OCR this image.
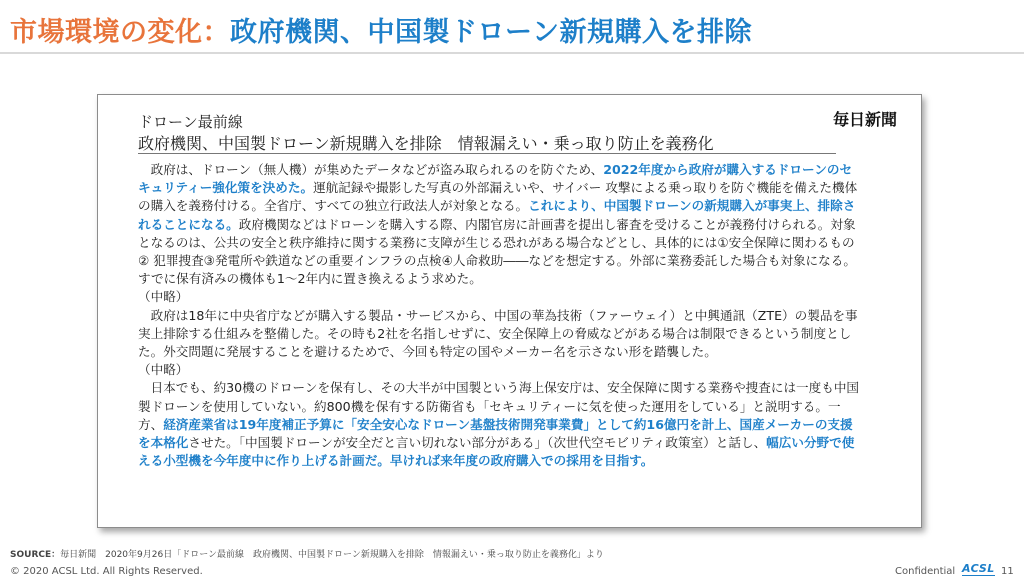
市場環境の変化：政府機関、中国製ドローン新規購入を排除
ドローン最前線
政府機関、中国製ドローン新規購入を排除　情報漏えい・乗っ取り防止を義務化
毎日新聞

政府は、ドローン（無人機）が集めたデータなどが盗み取られるのを防ぐため、2022年度から政府が購入するドローンのセキュリティー強化策を決めた。運航記録や撮影した写真の外部漏えいや、サイバー 攻撃による乗っ取りを防ぐ機能を備えた機体の購入を義務付ける。全省庁、すべての独立行政法人が対象となる。これにより、中国製ドローンの新規購入が事実上、排除されることになる。政府機関などはドローンを購入する際、内閣官房に計画書を提出し審査を受けることが義務付けられる。対象となるのは、公共の安全と秩序維持に関する業務に支障が生じる恐れがある場合などとし、具体的には①安全保障に関わるもの② 犯罪捜査③発電所や鉄道などの重要インフラの点検④人命救助――などを想定する。外部に業務委託した場合も対象になる。すでに保有済みの機体も1～2年内に置き換えるよう求めた。

（中略）

政府は18年に中央省庁などが購入する製品・サービスから、中国の華為技術（ファーウェイ）と中興通訊（ZTE）の製品を事実上排除する仕組みを整備した。その時も2社を名指しせずに、安全保障上の脅威などがある場合は制限できるという制度とした。外交問題に発展することを避けるためで、今回も特定の国やメーカー名を示さない形を踏襲した。

（中略）

日本でも、約30機のドローンを保有し、その大半が中国製という海上保安庁は、安全保障に関する業務や捜査には一度も中国製ドローンを使用していない。約800機を保有する防衛省も「セキュリティーに気を使った運用をしている」と説明する。一方、経済産業省は19年度補正予算に「安全安心なドローン基盤技術開発事業費」として約16億円を計上、国産メーカーの支援を本格化させた。「中国製ドローンが安全だと言い切れない部分がある」（次世代空モビリティ政策室）と話し、幅広い分野で使える小型機を今年度中に作り上げる計画だ。早ければ来年度の政府購入での採用を目指す。

SOURCE：毎日新聞　2020年9月26日「ドローン最前線　政府機関、中国製ドローン新規購入を排除　情報漏えい・乗っ取り防止を義務化」より
© 2020 ACSL Ltd. All Rights Reserved.	Confidential ACSL 11
